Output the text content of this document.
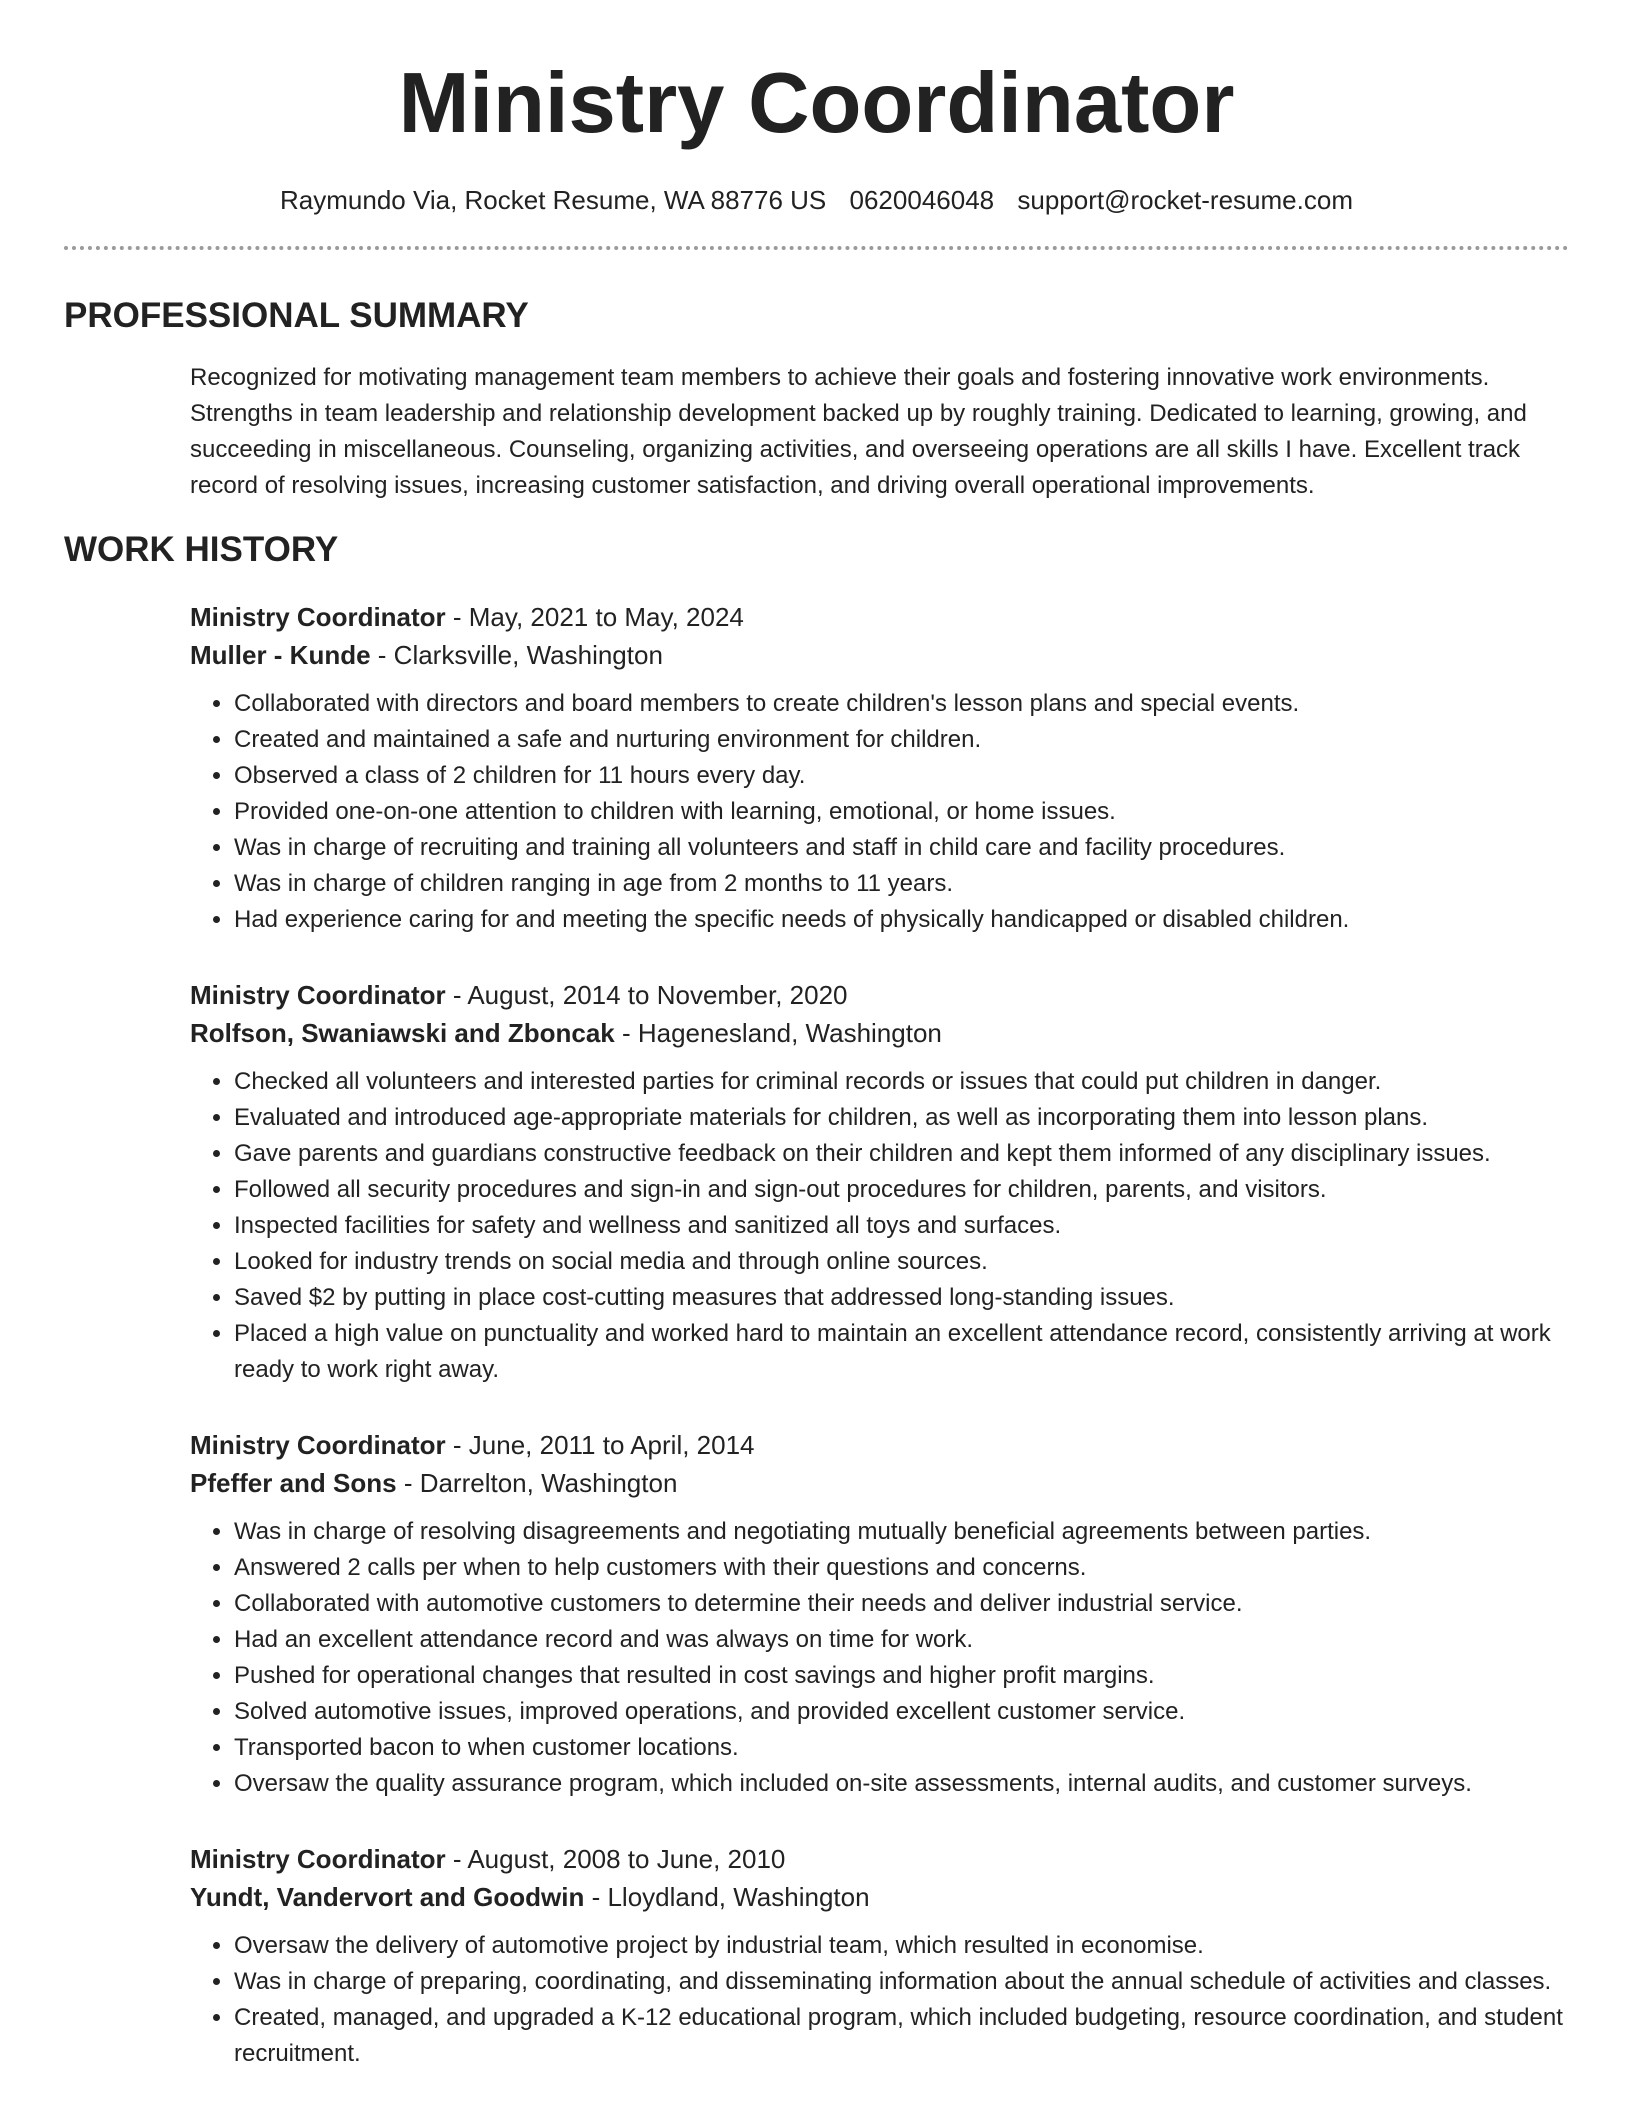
Ministry Coordinator
Raymundo Via, Rocket Resume, WA 88776 US 0620046048 support@rocket-resume.com
PROFESSIONAL SUMMARY

Recognized for motivating management team members to achieve their goals and fostering innovative work environments. Strengths in team leadership and relationship development backed up by roughly training. Dedicated to learning, growing, and succeeding in miscellaneous. Counseling, organizing activities, and overseeing operations are all skills I have. Excellent track record of resolving issues, increasing customer satisfaction, and driving overall operational improvements.

WORK HISTORY
Ministry Coordinator - May, 2021 to May, 2024
Muller - Kunde - Clarksville, Washington
• Collaborated with directors and board members to create children's lesson plans and special events.
• Created and maintained a safe and nurturing environment for children.
• Observed a class of 2 children for 11 hours every day.
• Provided one-on-one attention to children with learning, emotional, or home issues.
• Was in charge of recruiting and training all volunteers and staff in child care and facility procedures.
• Was in charge of children ranging in age from 2 months to 11 years.
• Had experience caring for and meeting the specific needs of physically handicapped or disabled children.
Ministry Coordinator - August, 2014 to November, 2020
Rolfson, Swaniawski and Zboncak - Hagenesland, Washington
• Checked all volunteers and interested parties for criminal records or issues that could put children in danger.
• Evaluated and introduced age-appropriate materials for children, as well as incorporating them into lesson plans.
• Gave parents and guardians constructive feedback on their children and kept them informed of any disciplinary issues.
• Followed all security procedures and sign-in and sign-out procedures for children, parents, and visitors.
• Inspected facilities for safety and wellness and sanitized all toys and surfaces.
• Looked for industry trends on social media and through online sources.
• Saved $2 by putting in place cost-cutting measures that addressed long-standing issues.
• Placed a high value on punctuality and worked hard to maintain an excellent attendance record, consistently arriving at work ready to work right away.
Ministry Coordinator - June, 2011 to April, 2014
Pfeffer and Sons - Darrelton, Washington
• Was in charge of resolving disagreements and negotiating mutually beneficial agreements between parties.
• Answered 2 calls per when to help customers with their questions and concerns.
• Collaborated with automotive customers to determine their needs and deliver industrial service.
• Had an excellent attendance record and was always on time for work.
• Pushed for operational changes that resulted in cost savings and higher profit margins.
• Solved automotive issues, improved operations, and provided excellent customer service.
• Transported bacon to when customer locations.
• Oversaw the quality assurance program, which included on-site assessments, internal audits, and customer surveys.
Ministry Coordinator - August, 2008 to June, 2010
Yundt, Vandervort and Goodwin - Lloydland, Washington
• Oversaw the delivery of automotive project by industrial team, which resulted in economise.
• Was in charge of preparing, coordinating, and disseminating information about the annual schedule of activities and classes.
• Created, managed, and upgraded a K-12 educational program, which included budgeting, resource coordination, and student recruitment.
